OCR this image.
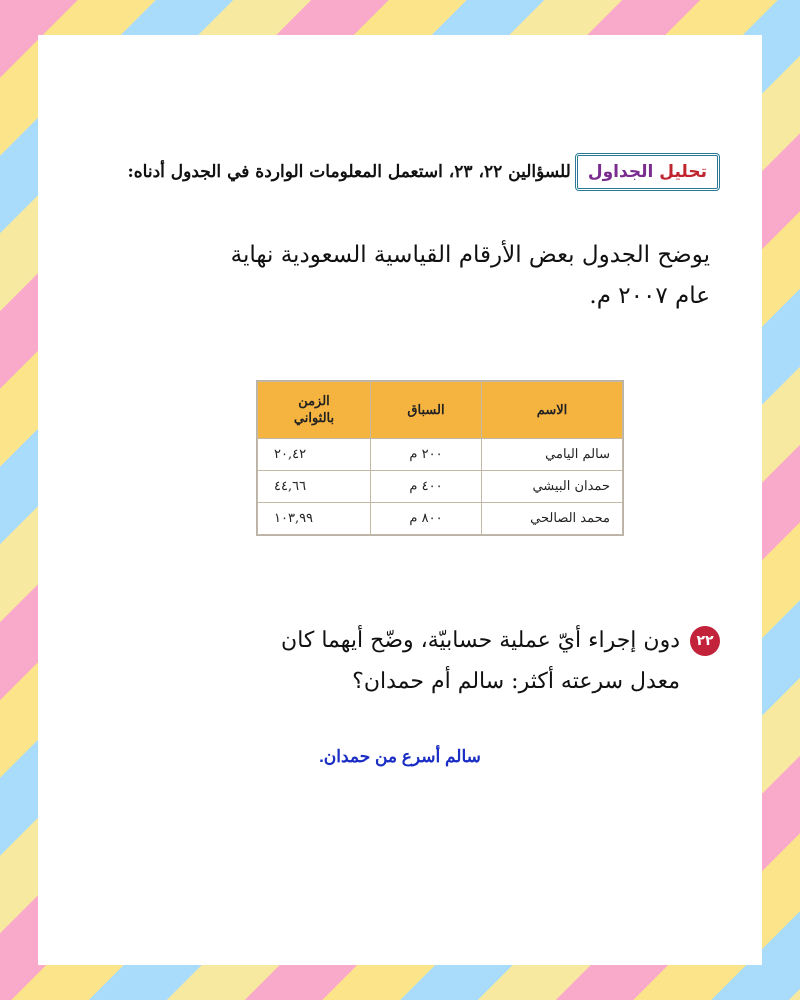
تحليل
الجداول
للسؤالين ٢٢، ٢٣، استعمل المعلومات الواردة في الجدول أدناه:
يوضح الجدول بعض الأرقام القياسية السعودية نهاية
عام ٢٠٠٧ م.
الاسم	السباق	الزمن
بالثواني

سالم اليامي	٢٠٠ م	٢٠,٤٢
حمدان البيشي	٤٠٠ م	٤٤,٦٦
محمد الصالحي	٨٠٠ م	١٠٣,٩٩
٢٢
دون إجراء أيّ عملية حسابيّة، وضّح أيهما كان
معدل سرعته أكثر: سالم أم حمدان؟
سالم أسرع من حمدان.
